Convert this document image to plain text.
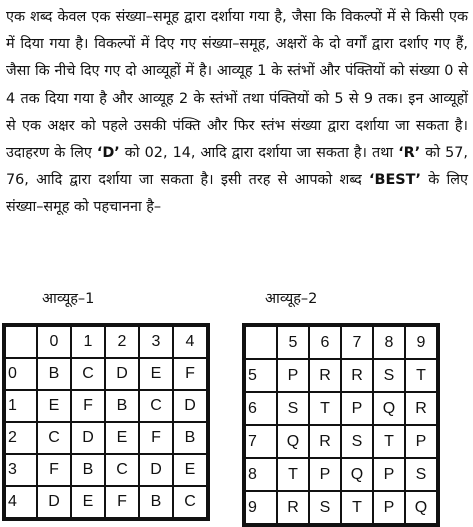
एक शब्द केवल एक संख्या–समूह द्वारा दर्शाया गया है, जैसा कि विकल्पों में से किसी एक में दिया गया है। विकल्पों में दिए गए संख्या–समूह, अक्षरों के दो वर्गों द्वारा दर्शाए गए हैं, जैसा कि नीचे दिए गए दो आव्यूहों में है। आव्यूह 1 के स्तंभों और पंक्तियों को संख्या 0 से 4 तक दिया गया है और आव्यूह 2 के स्तंभों तथा पंक्तियों को 5 से 9 तक। इन आव्यूहों से एक अक्षर को पहले उसकी पंक्ति और फिर स्तंभ संख्या द्वारा दर्शाया जा सकता है। उदाहरण के लिए ‘D’ को 02, 14, आदि द्वारा दर्शाया जा सकता है। तथा ‘R’ को 57, 76, आदि द्वारा दर्शाया जा सकता है। इसी तरह से आपको शब्द ‘BEST’ के लिए संख्या–समूह को पहचानना है–
आव्यूह–1	आव्यूह–2
	0	1	2	3	4
0	B	C	D	E	F
1	E	F	B	C	D
2	C	D	E	F	B
3	F	B	C	D	E
4	D	E	F	B	C
	5	6	7	8	9
5	P	R	R	S	T
6	S	T	P	Q	R
7	Q	R	S	T	P
8	T	P	Q	P	S
9	R	S	T	P	Q
